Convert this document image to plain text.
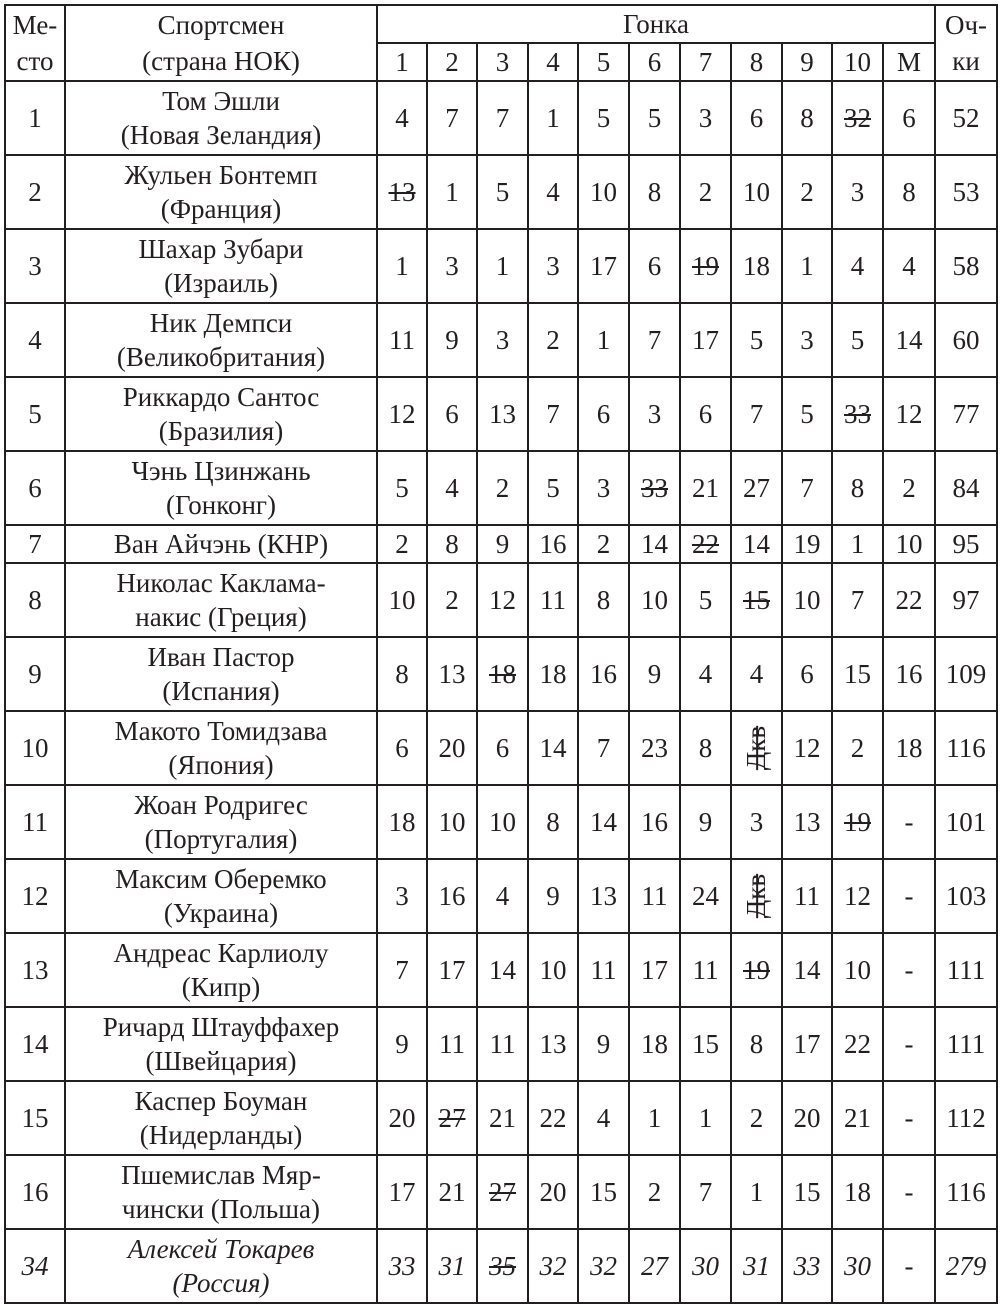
Ме-
сто	Спортсмен
(страна НОК)	Гонка											Оч-
ки
		1	2	3	4	5	6	7	8	9	10	M	
1	Том Эшли
(Новая Зеландия)	4	7	7	1	5	5	3	6	8	32	6	52
2	Жульен Бонтемп
(Франция)	13	1	5	4	10	8	2	10	2	3	8	53
3	Шахар Зубари
(Израиль)	1	3	1	3	17	6	19	18	1	4	4	58
4	Ник Демпси
(Великобритания)	11	9	3	2	1	7	17	5	3	5	14	60
5	Риккардо Сантос
(Бразилия)	12	6	13	7	6	3	6	7	5	33	12	77
6	Чэнь Цзинжань
(Гонконг)	5	4	2	5	3	33	21	27	7	8	2	84
7	Ван Айчэнь (КНР)	2	8	9	16	2	14	22	14	19	1	10	95
8	Николас Каклама-
накис (Греция)	10	2	12	11	8	10	5	15	10	7	22	97
9	Иван Пастор
(Испания)	8	13	18	18	16	9	4	4	6	15	16	109
10	Макото Томидзава
(Япония)	6	20	6	14	7	23	8	Дкв	12	2	18	116
11	Жоан Родригес
(Португалия)	18	10	10	8	14	16	9	3	13	19	-	101
12	Максим Оберемко
(Украина)	3	16	4	9	13	11	24	Дкв	11	12	-	103
13	Андреас Карлиолу
(Кипр)	7	17	14	10	11	17	11	19	14	10	-	111
14	Ричард Штауффахер
(Швейцария)	9	11	11	13	9	18	15	8	17	22	-	111
15	Каспер Боуман
(Нидерланды)	20	27	21	22	4	1	1	2	20	21	-	112
16	Пшемислав Мяр-
чински (Польша)	17	21	27	20	15	2	7	1	15	18	-	116
34	Алексей Токарев
(Россия)	33	31	35	32	32	27	30	31	33	30	-	279
